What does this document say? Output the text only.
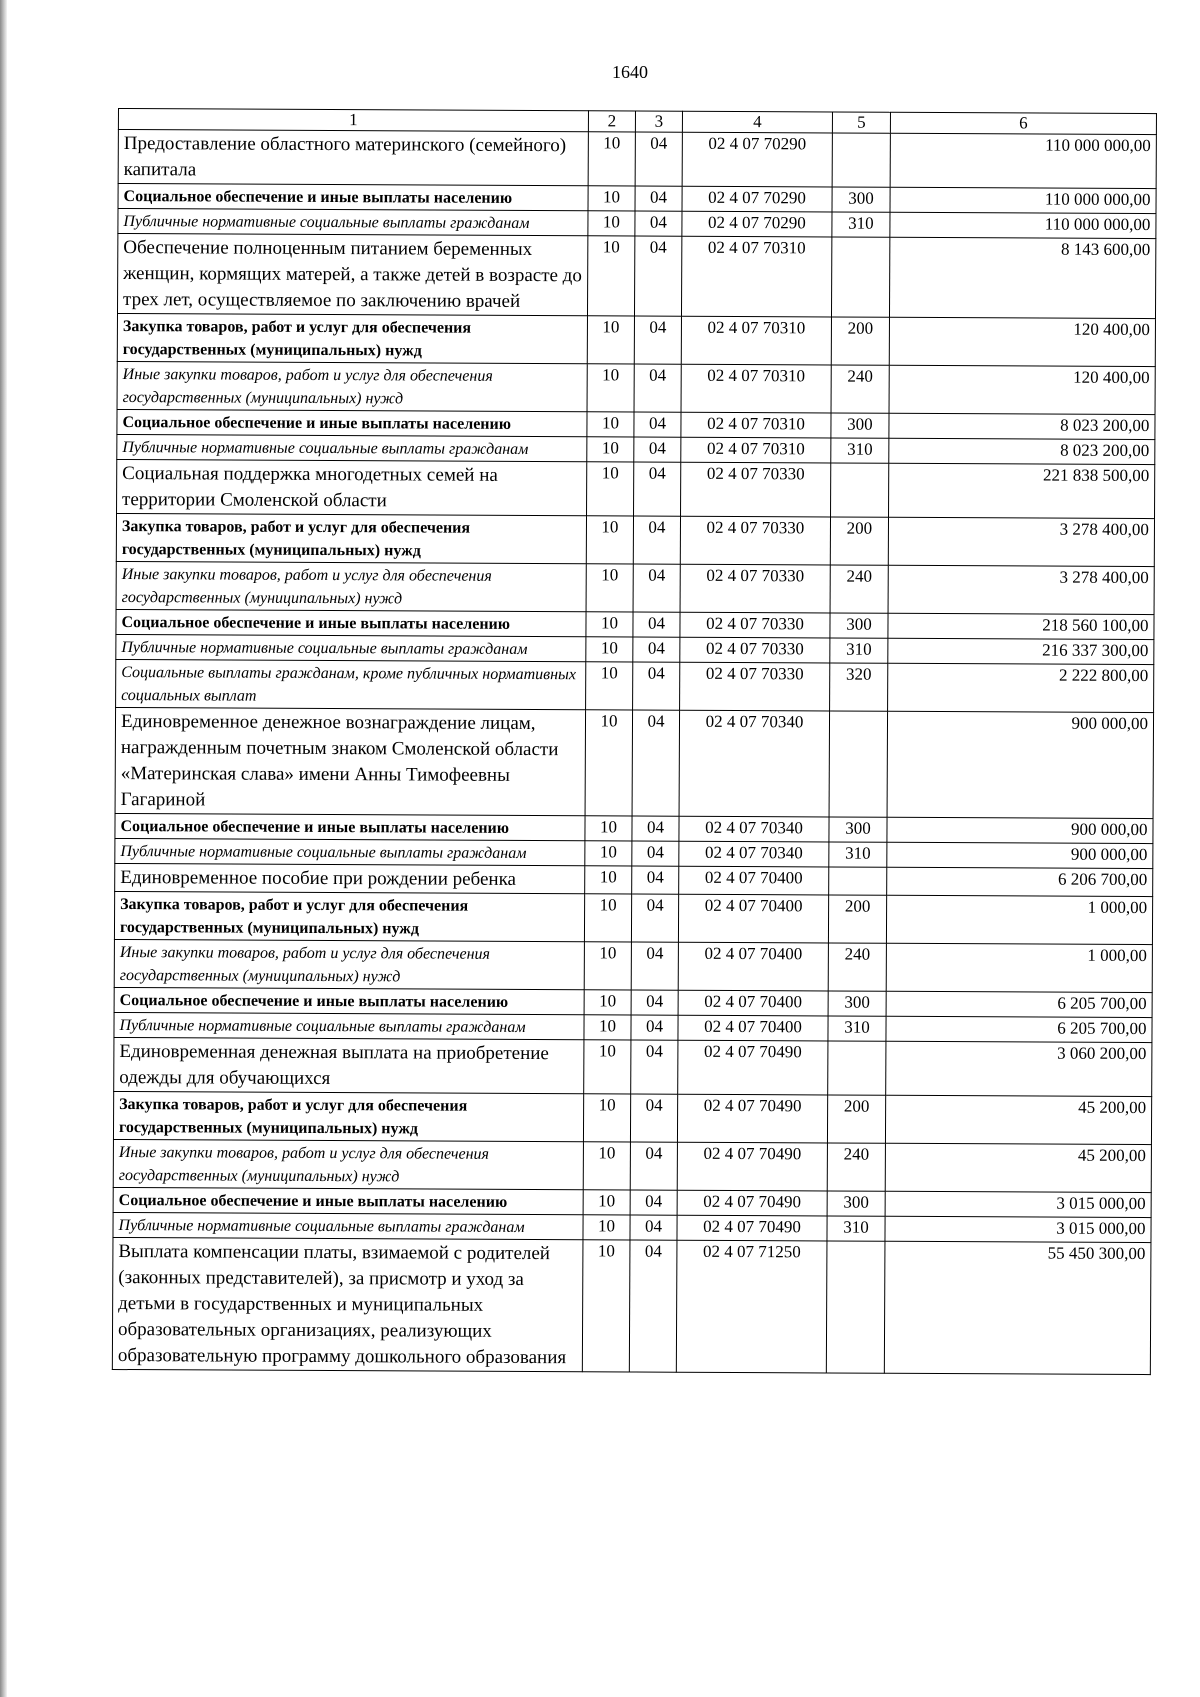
1640
1	2	3	4	5	6
Предоставление областного материнского (семейного) капитала	10	04	02 4 07 70290		110 000 000,00
Социальное обеспечение и иные выплаты населению	10	04	02 4 07 70290	300	110 000 000,00
Публичные нормативные социальные выплаты гражданам	10	04	02 4 07 70290	310	110 000 000,00
Обеспечение полноценным питанием беременных женщин, кормящих матерей, а также детей в возрасте до трех лет, осуществляемое по заключению врачей	10	04	02 4 07 70310		8 143 600,00
Закупка товаров, работ и услуг для обеспечения государственных (муниципальных) нужд	10	04	02 4 07 70310	200	120 400,00
Иные закупки товаров, работ и услуг для обеспечения государственных (муниципальных) нужд	10	04	02 4 07 70310	240	120 400,00
Социальное обеспечение и иные выплаты населению	10	04	02 4 07 70310	300	8 023 200,00
Публичные нормативные социальные выплаты гражданам	10	04	02 4 07 70310	310	8 023 200,00
Социальная поддержка многодетных семей на территории Смоленской области	10	04	02 4 07 70330		221 838 500,00
Закупка товаров, работ и услуг для обеспечения государственных (муниципальных) нужд	10	04	02 4 07 70330	200	3 278 400,00
Иные закупки товаров, работ и услуг для обеспечения государственных (муниципальных) нужд	10	04	02 4 07 70330	240	3 278 400,00
Социальное обеспечение и иные выплаты населению	10	04	02 4 07 70330	300	218 560 100,00
Публичные нормативные социальные выплаты гражданам	10	04	02 4 07 70330	310	216 337 300,00
Социальные выплаты гражданам, кроме публичных нормативных социальных выплат	10	04	02 4 07 70330	320	2 222 800,00
Единовременное денежное вознаграждение лицам, награжденным почетным знаком Смоленской области «Материнская слава» имени Анны Тимофеевны Гагариной	10	04	02 4 07 70340		900 000,00
Социальное обеспечение и иные выплаты населению	10	04	02 4 07 70340	300	900 000,00
Публичные нормативные социальные выплаты гражданам	10	04	02 4 07 70340	310	900 000,00
Единовременное пособие при рождении ребенка	10	04	02 4 07 70400		6 206 700,00
Закупка товаров, работ и услуг для обеспечения государственных (муниципальных) нужд	10	04	02 4 07 70400	200	1 000,00
Иные закупки товаров, работ и услуг для обеспечения государственных (муниципальных) нужд	10	04	02 4 07 70400	240	1 000,00
Социальное обеспечение и иные выплаты населению	10	04	02 4 07 70400	300	6 205 700,00
Публичные нормативные социальные выплаты гражданам	10	04	02 4 07 70400	310	6 205 700,00
Единовременная денежная выплата на приобретение одежды для обучающихся	10	04	02 4 07 70490		3 060 200,00
Закупка товаров, работ и услуг для обеспечения государственных (муниципальных) нужд	10	04	02 4 07 70490	200	45 200,00
Иные закупки товаров, работ и услуг для обеспечения государственных (муниципальных) нужд	10	04	02 4 07 70490	240	45 200,00
Социальное обеспечение и иные выплаты населению	10	04	02 4 07 70490	300	3 015 000,00
Публичные нормативные социальные выплаты гражданам	10	04	02 4 07 70490	310	3 015 000,00
Выплата компенсации платы, взимаемой с родителей (законных представителей), за присмотр и уход за детьми в государственных и муниципальных образовательных организациях, реализующих образовательную программу дошкольного образования	10	04	02 4 07 71250		55 450 300,00
